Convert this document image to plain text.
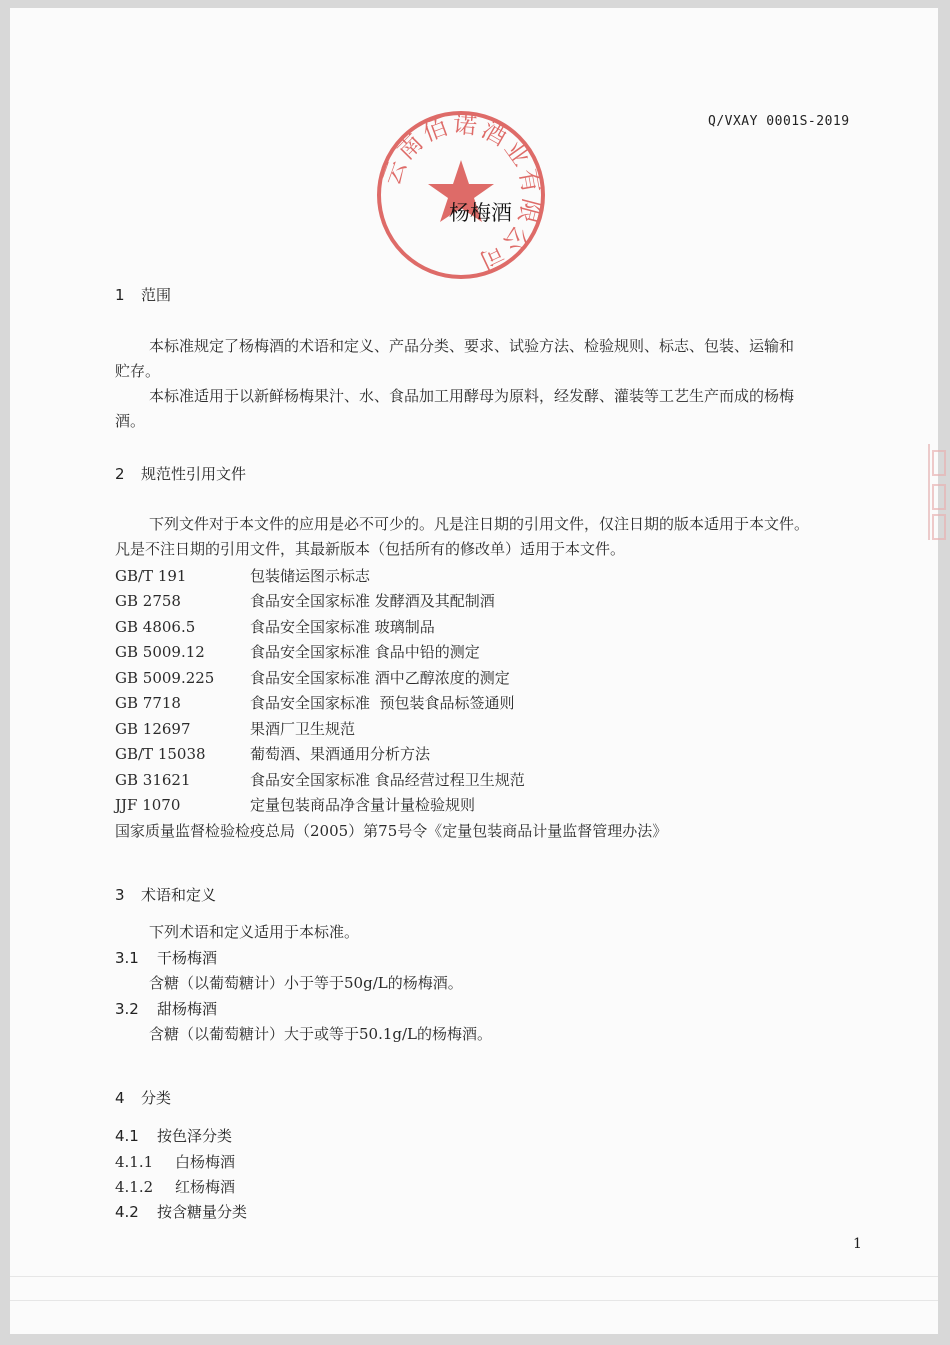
Q/VXAY 0001S-2019
云南佰诺酒业有限公司
杨梅酒
1 范围
本标准规定了杨梅酒的术语和定义、产品分类、要求、试验方法、检验规则、标志、包装、运输和
贮存。
本标准适用于以新鲜杨梅果汁、水、食品加工用酵母为原料，经发酵、灌装等工艺生产而成的杨梅
酒。
2 规范性引用文件
下列文件对于本文件的应用是必不可少的。凡是注日期的引用文件，仅注日期的版本适用于本文件。
凡是不注日期的引用文件，其最新版本（包括所有的修改单）适用于本文件。
GB/T 191	包装储运图示标志
GB 2758	食品安全国家标准 发酵酒及其配制酒
GB 4806.5	食品安全国家标准 玻璃制品
GB 5009.12	食品安全国家标准 食品中铅的测定
GB 5009.225 食品安全国家标准 酒中乙醇浓度的测定
GB 7718	食品安全国家标准  预包装食品标签通则
GB 12697	果酒厂卫生规范
GB/T 15038	葡萄酒、果酒通用分析方法
GB 31621	食品安全国家标准 食品经营过程卫生规范
JJF 1070	定量包装商品净含量计量检验规则
国家质量监督检验检疫总局（2005）第75号令《定量包装商品计量监督管理办法》
3 术语和定义
下列术语和定义适用于本标准。
3.1 干杨梅酒
含糖（以葡萄糖计）小于等于50g/L的杨梅酒。
3.2 甜杨梅酒
含糖（以葡萄糖计）大于或等于50.1g/L的杨梅酒。
4 分类
4.1 按色泽分类
4.1.1 白杨梅酒
4.1.2 红杨梅酒
4.2 按含糖量分类
1
